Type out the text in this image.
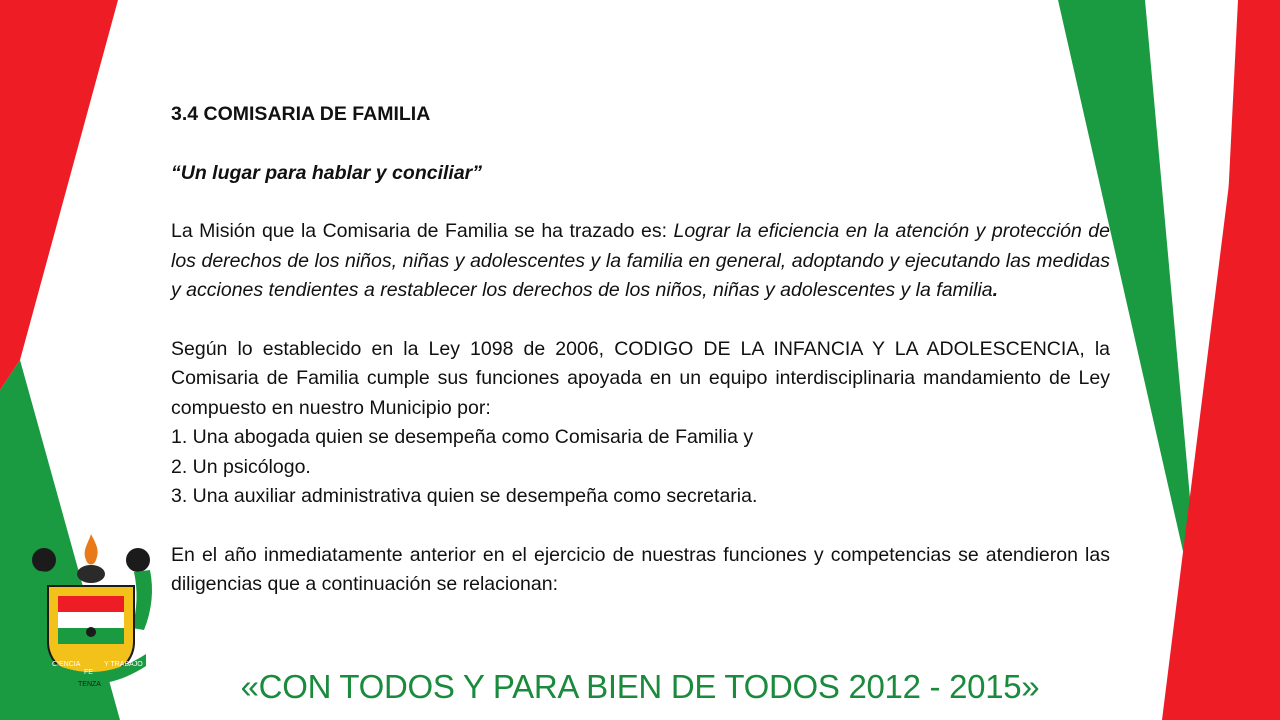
3.4 COMISARIA DE FAMILIA
“Un lugar para hablar y conciliar”
La Misión que la Comisaria de Familia se ha trazado es: Lograr la eficiencia en la atención y protección de los derechos de los niños, niñas y adolescentes y la familia en general, adoptando y ejecutando las medidas y acciones tendientes a restablecer los derechos de los niños, niñas y adolescentes y la familia.
Según lo establecido en la Ley 1098 de 2006, CODIGO DE LA INFANCIA Y LA ADOLESCENCIA, la Comisaria de Familia cumple sus funciones apoyada en un equipo interdisciplinaria mandamiento de Ley compuesto en nuestro Municipio por:
1. Una abogada quien se desempeña como Comisaria de Familia y
2. Un psicólogo.
3. Una auxiliar administrativa quien se desempeña como secretaria.
En el año inmediatamente anterior en el ejercicio de nuestras funciones y competencias se atendieron las diligencias que a continuación se relacionan:
CIENCIA
FE
Y TRABAJO
TENZA	«CON TODOS Y PARA BIEN DE TODOS 2012 - 2015»
